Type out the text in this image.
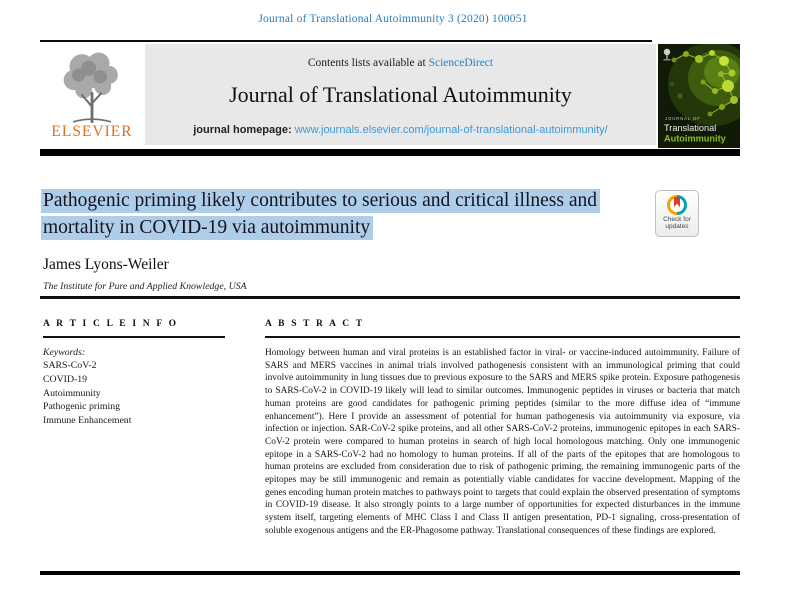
Journal of Translational Autoimmunity 3 (2020) 100051
ELSEVIER
Contents lists available at ScienceDirect
Journal of Translational Autoimmunity
journal homepage: www.journals.elsevier.com/journal-of-translational-autoimmunity/
JOURNAL OF
Translational
Autoimmunity
Pathogenic priming likely contributes to serious and critical illness and
mortality in COVID-19 via autoimmunity	Check for updates
James Lyons-Weiler
The Institute for Pure and Applied Knowledge, USA
A R T I C L E I N F O
Keywords:
SARS-CoV-2
COVID-19
Autoimmunity
Pathogenic priming
Immune Enhancement
A B S T R A C T
Homology between human and viral proteins is an established factor in viral- or vaccine-induced autoimmunity. Failure of SARS and MERS vaccines in animal trials involved pathogenesis consistent with an immunological priming that could involve autoimmunity in lung tissues due to previous exposure to the SARS and MERS spike protein. Exposure pathogenesis to SARS-CoV-2 in COVID-19 likely will lead to similar outcomes. Immunogenic peptides in viruses or bacteria that match human proteins are good candidates for pathogenic priming peptides (similar to the more diffuse idea of “immune enhancement”). Here I provide an assessment of potential for human pathogenesis via autoimmunity via exposure, via infection or injection. SAR-CoV-2 spike proteins, and all other SARS-CoV-2 proteins, immunogenic epitopes in each SARS-CoV-2 protein were compared to human proteins in search of high local homologous matching. Only one immunogenic epitope in a SARS-CoV-2 had no homology to human proteins. If all of the parts of the epitopes that are homologous to human proteins are excluded from consideration due to risk of pathogenic priming, the remaining immunogenic parts of the epitopes may be still immunogenic and remain as potentially viable candidates for vaccine development. Mapping of the genes encoding human protein matches to pathways point to targets that could explain the observed presentation of symptoms in COVID-19 disease. It also strongly points to a large number of opportunities for expected disturbances in the immune system itself, targeting elements of MHC Class I and Class II antigen presentation, PD-1 signaling, cross-presentation of soluble exogenous antigens and the ER-Phagosome pathway. Translational consequences of these findings are explored.
